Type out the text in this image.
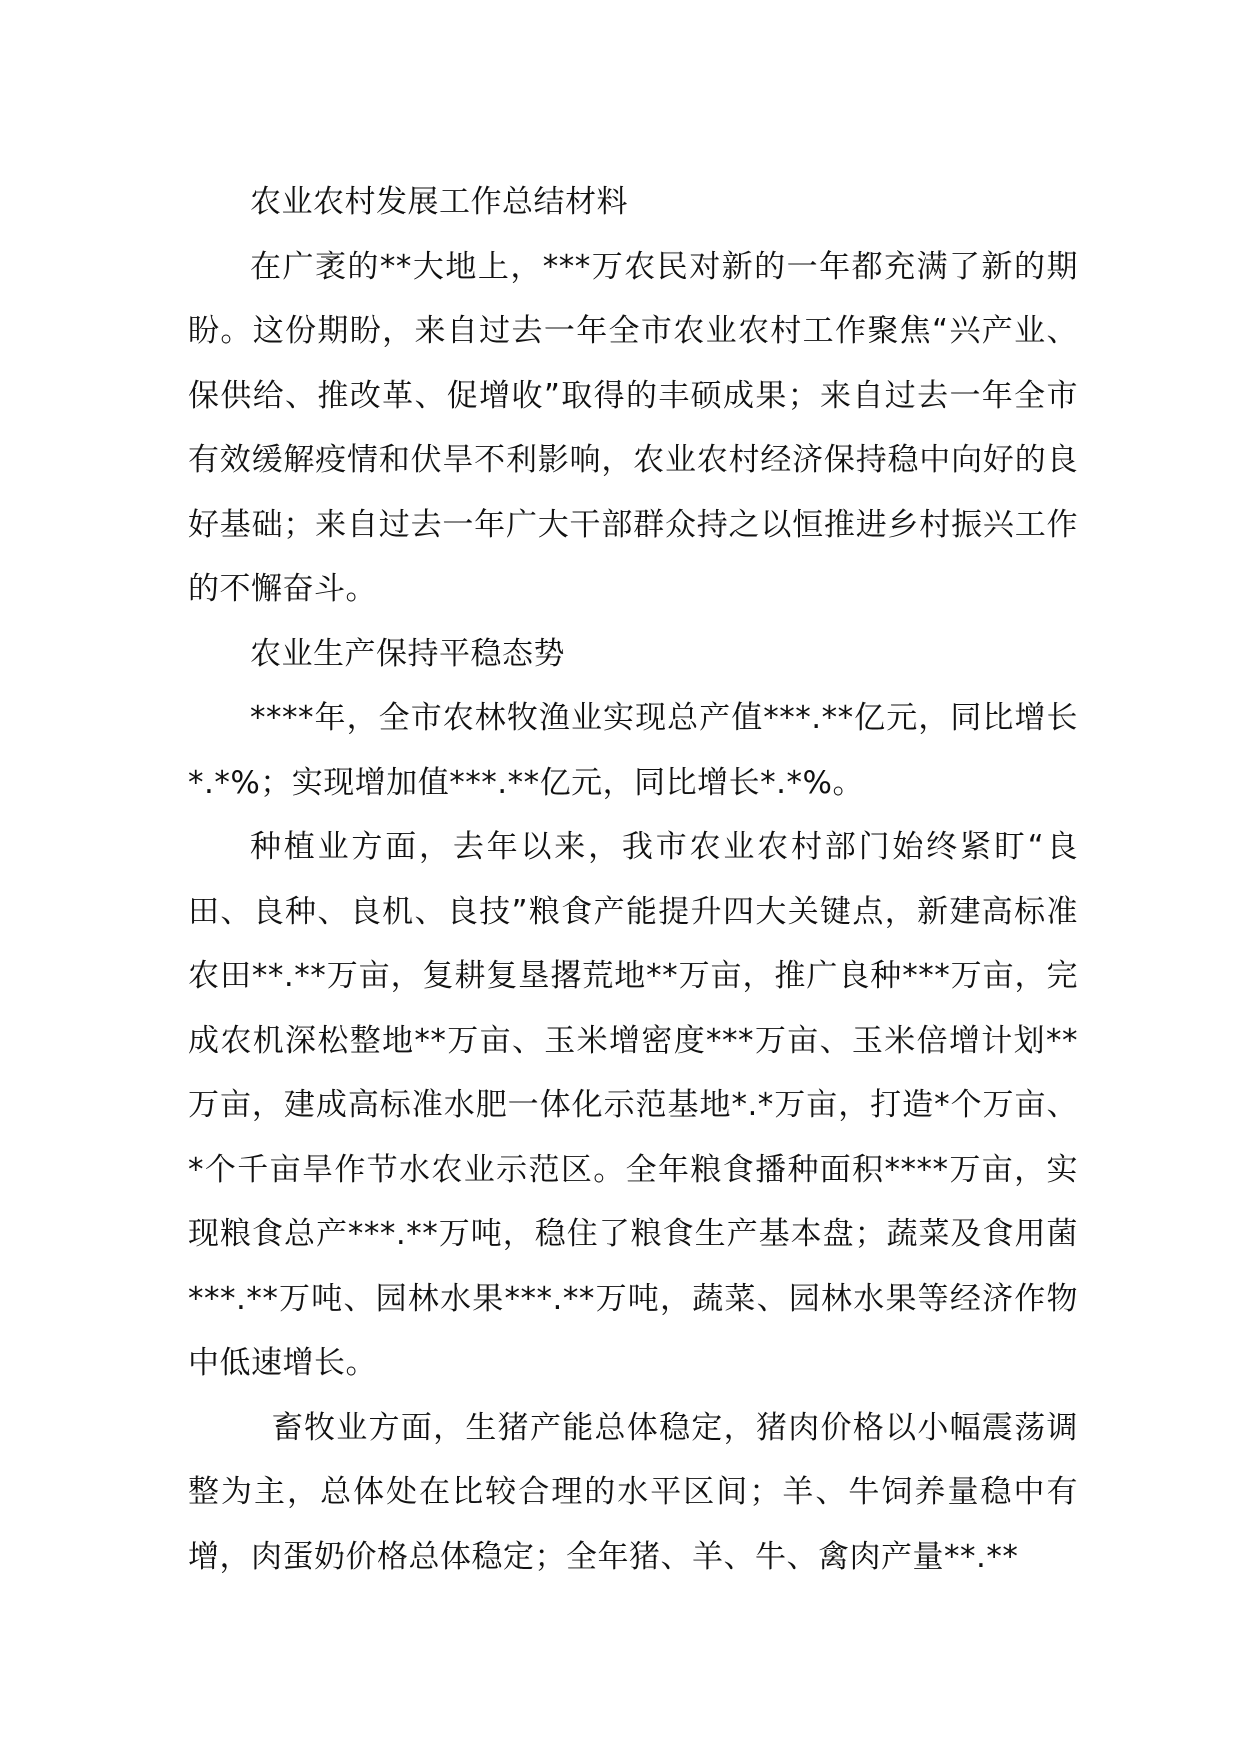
农业农村发展工作总结材料

在广袤的**大地上，***万农民对新的一年都充满了新的期盼。这份期盼，来自过去一年全市农业农村工作聚焦“兴产业、保供给、推改革、促增收”取得的丰硕成果；来自过去一年全市有效缓解疫情和伏旱不利影响，农业农村经济保持稳中向好的良好基础；来自过去一年广大干部群众持之以恒推进乡村振兴工作的不懈奋斗。

农业生产保持平稳态势

****年，全市农林牧渔业实现总产值***.**亿元，同比增长*.*%；实现增加值***.**亿元，同比增长*.*%。

种植业方面，去年以来，我市农业农村部门始终紧盯“良田、良种、良机、良技”粮食产能提升四大关键点，新建高标准农田**.**万亩，复耕复垦撂荒地**万亩，推广良种***万亩，完成农机深松整地**万亩、玉米增密度***万亩、玉米倍增计划**万亩，建成高标准水肥一体化示范基地*.*万亩，打造*个万亩、*个千亩旱作节水农业示范区。全年粮食播种面积****万亩，实现粮食总产***.**万吨，稳住了粮食生产基本盘；蔬菜及食用菌***.**万吨、园林水果***.**万吨，蔬菜、园林水果等经济作物中低速增长。

畜牧业方面，生猪产能总体稳定，猪肉价格以小幅震荡调整为主，总体处在比较合理的水平区间；羊、牛饲养量稳中有增，肉蛋奶价格总体稳定；全年猪、羊、牛、禽肉产量**.**
